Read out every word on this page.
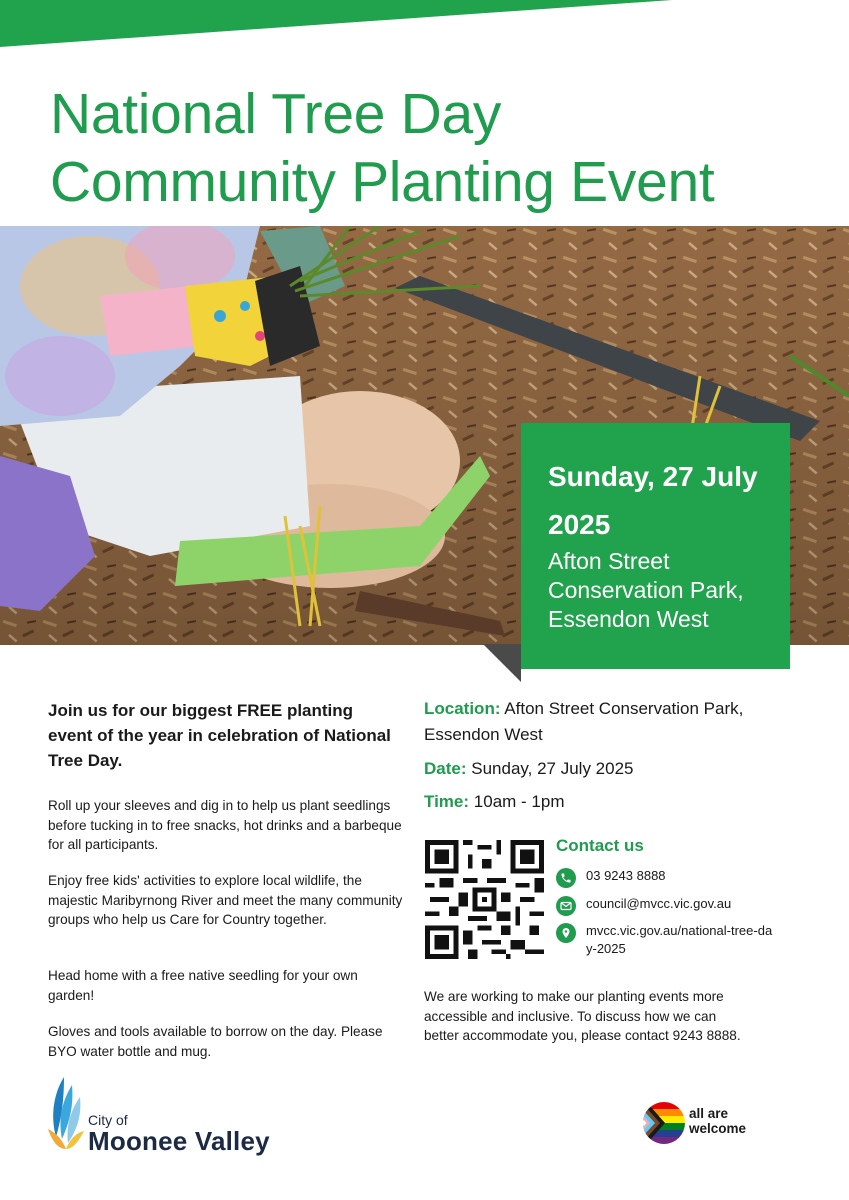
National Tree Day
Community Planting Event
Sunday, 27 July 2025
Afton Street Conservation Park, Essendon West

Join us for our biggest FREE planting event of the year in celebration of National Tree Day.

Roll up your sleeves and dig in to help us plant seedlings before tucking in to free snacks, hot drinks and a barbeque for all participants.

Enjoy free kids' activities to explore local wildlife, the majestic Maribyrnong River and meet the many community groups who help us Care for Country together.

Head home with a free native seedling for your own garden!

Gloves and tools available to borrow on the day. Please BYO water bottle and mug.

Location: Afton Street Conservation Park, Essendon West

Date: Sunday, 27 July 2025

Time: 10am - 1pm

Contact us

03 9243 8888
council@mvcc.vic.gov.au
mvcc.vic.gov.au/national-tree-day-2025

We are working to make our planting events more accessible and inclusive. To discuss how we can better accommodate you, please contact 9243 8888.

City of
Moonee Valley
all are
welcome
